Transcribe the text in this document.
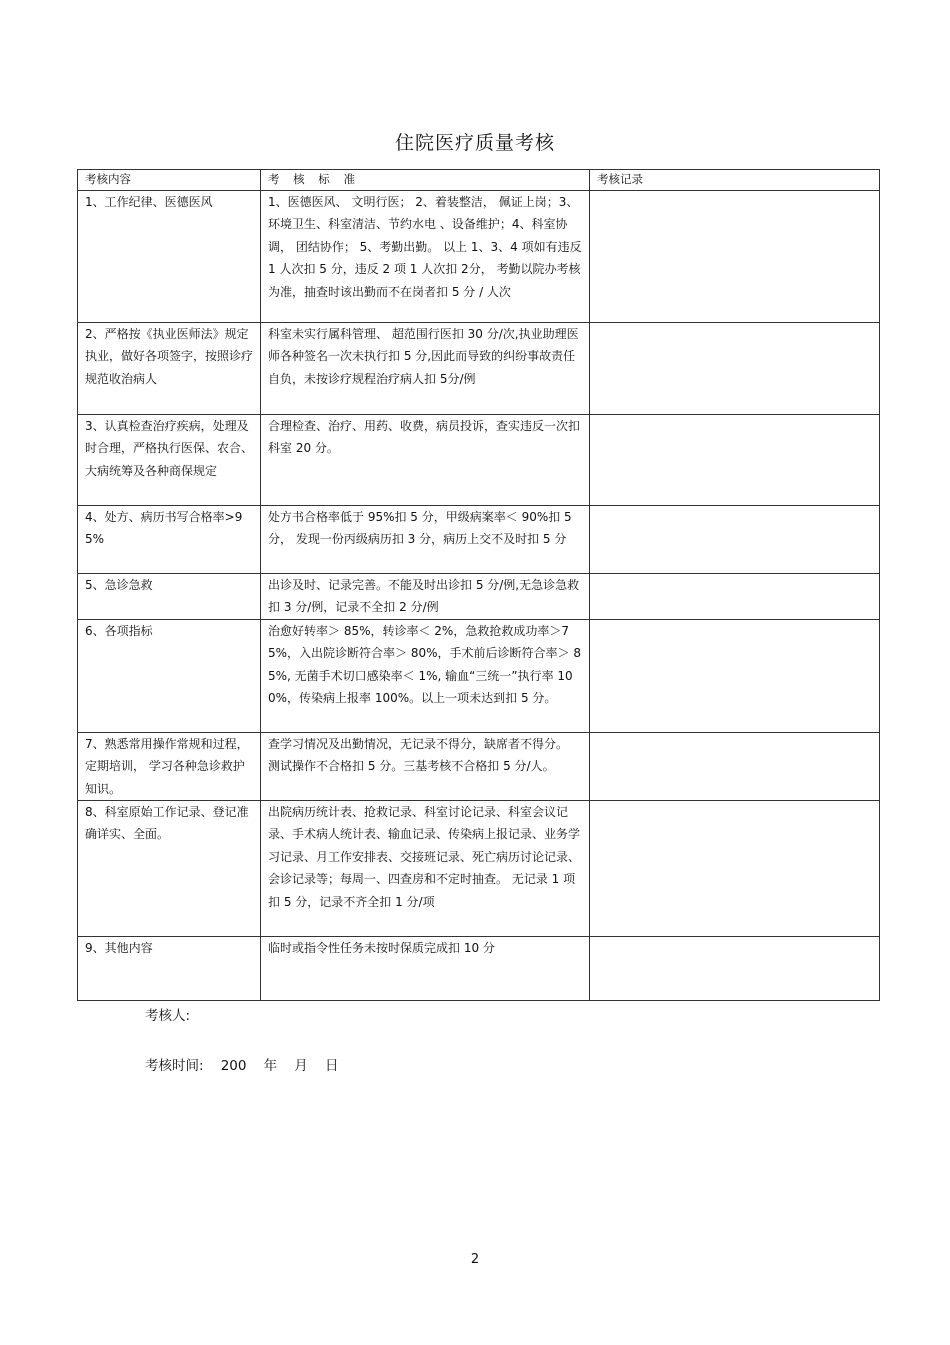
住院医疗质量考核
考核内容	考 核 标 准	考核记录
1、工作纪律、医德医风	1、医德医风、 文明行医； 2、着装整洁， 佩证上岗；3、环境卫生、科室清洁、节约水电 、设备维护；4、科室协调， 团结协作； 5、考勤出勤。 以上 1、3、4 项如有违反 1 人次扣 5 分，违反 2 项 1 人次扣 2分， 考勤以院办考核为准，抽查时该出勤而不在岗者扣 5 分 / 人次	
2、严格按《执业医师法》规定执业，做好各项签字，按照诊疗规范收治病人	科室未实行属科管理、 超范围行医扣 30 分/次,执业助理医师各种签名一次未执行扣 5 分,因此而导致的纠纷事故责任自负，未按诊疗规程治疗病人扣 5分/例	
3、认真检查治疗疾病，处理及时合理，严格执行医保、农合、大病统筹及各种商保规定	合理检查、治疗、用药、收费，病员投诉，查实违反一次扣科室 20 分。	
4、处方、病历书写合格率>95%	处方书合格率低于 95%扣 5 分，甲级病案率＜ 90%扣 5 分， 发现一份丙级病历扣 3 分，病历上交不及时扣 5 分	
5、急诊急救	出诊及时、记录完善。不能及时出诊扣 5 分/例,无急诊急救扣 3 分/例，记录不全扣 2 分/例	
6、各项指标	治愈好转率＞ 85%，转诊率＜ 2%，急救抢救成功率＞75%，入出院诊断符合率＞ 80%，手术前后诊断符合率＞ 85%, 无菌手术切口感染率＜ 1%, 输血“三统一”执行率 100%，传染病上报率 100%。以上一项未达到扣 5 分。	
7、熟悉常用操作常规和过程，定期培训， 学习各种急诊救护知识。	查学习情况及出勤情况，无记录不得分，缺席者不得分。 测试操作不合格扣 5 分。三基考核不合格扣 5 分/人。	
8、科室原始工作记录、登记准确详实、全面。	出院病历统计表、抢救记录、科室讨论记录、科室会议记录、手术病人统计表、输血记录、传染病上报记录、业务学习记录、月工作安排表、交接班记录、死亡病历讨论记录、会诊记录等；每周一、四查房和不定时抽查。 无记录 1 项扣 5 分，记录不齐全扣 1 分/项	
9、其他内容	临时或指令性任务未按时保质完成扣 10 分	
考核人:
考核时间:    200    年    月    日
2
